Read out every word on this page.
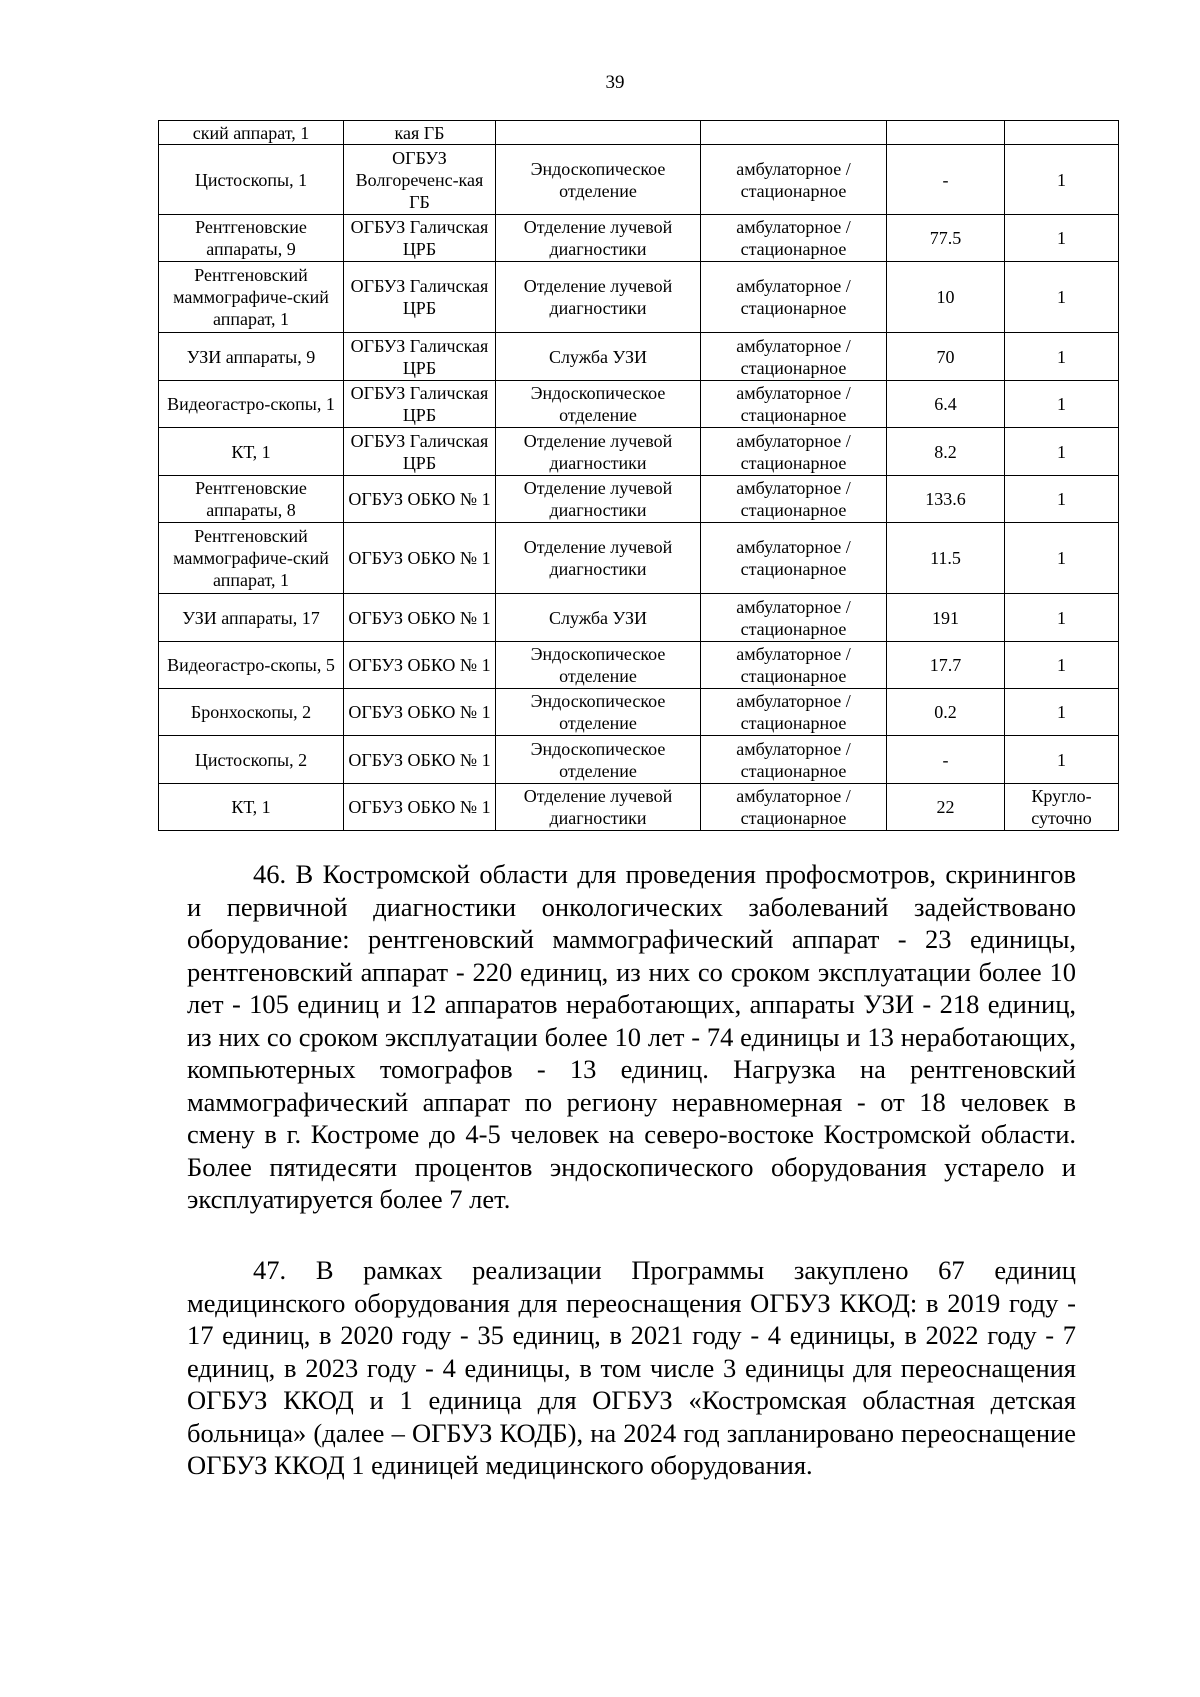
39
ский аппарат, 1	кая ГБ				
Цистоскопы, 1	ОГБУЗ Волгореченс-кая ГБ	Эндоскопическое отделение	амбулаторное /стационарное	-	1
Рентгеновские аппараты, 9	ОГБУЗ Галичская ЦРБ	Отделение лучевой диагностики	амбулаторное /стационарное	77.5	1
Рентгеновский маммографиче-ский аппарат, 1	ОГБУЗ Галичская ЦРБ	Отделение лучевой диагностики	амбулаторное /стационарное	10	1
УЗИ аппараты, 9	ОГБУЗ Галичская ЦРБ	Служба УЗИ	амбулаторное /стационарное	70	1
Видеогастро-скопы, 1	ОГБУЗ Галичская ЦРБ	Эндоскопическое отделение	амбулаторное /стационарное	6.4	1
КТ, 1	ОГБУЗ Галичская ЦРБ	Отделение лучевой диагностики	амбулаторное /стационарное	8.2	1
Рентгеновские аппараты, 8	ОГБУЗ ОБКО № 1	Отделение лучевой диагностики	амбулаторное /стационарное	133.6	1
Рентгеновский маммографиче-ский аппарат, 1	ОГБУЗ ОБКО № 1	Отделение лучевой диагностики	амбулаторное /стационарное	11.5	1
УЗИ аппараты, 17	ОГБУЗ ОБКО № 1	Служба УЗИ	амбулаторное /стационарное	191	1
Видеогастро-скопы, 5	ОГБУЗ ОБКО № 1	Эндоскопическое отделение	амбулаторное /стационарное	17.7	1
Бронхоскопы, 2	ОГБУЗ ОБКО № 1	Эндоскопическое отделение	амбулаторное /стационарное	0.2	1
Цистоскопы, 2	ОГБУЗ ОБКО № 1	Эндоскопическое отделение	амбулаторное /стационарное	-	1
КТ, 1	ОГБУЗ ОБКО № 1	Отделение лучевой диагностики	амбулаторное /стационарное	22	Кругло-суточно

46. В Костромской области для проведения профосмотров, скринингов и первичной диагностики онкологических заболеваний задействовано оборудование: рентгеновский маммографический аппарат - 23 единицы, рентгеновский аппарат - 220 единиц, из них со сроком эксплуатации более 10 лет - 105 единиц и 12 аппаратов неработающих, аппараты УЗИ - 218 единиц, из них со сроком эксплуатации более 10 лет - 74 единицы и 13 неработающих, компьютерных томографов - 13 единиц. Нагрузка на рентгеновский маммографический аппарат по региону неравномерная - от 18 человек в смену в г. Костроме до 4-5 человек на северо-востоке Костромской области. Более пятидесяти процентов эндоскопического оборудования устарело и эксплуатируется более 7 лет.

47. В рамках реализации Программы закуплено 67 единиц медицинского оборудования для переоснащения ОГБУЗ ККОД: в 2019 году - 17 единиц, в 2020 году - 35 единиц, в 2021 году - 4 единицы, в 2022 году - 7 единиц, в 2023 году - 4 единицы, в том числе 3 единицы для переоснащения ОГБУЗ ККОД и 1 единица для ОГБУЗ «Костромская областная детская больница» (далее – ОГБУЗ КОДБ), на 2024 год запланировано переоснащение ОГБУЗ ККОД 1 единицей медицинского оборудования.
